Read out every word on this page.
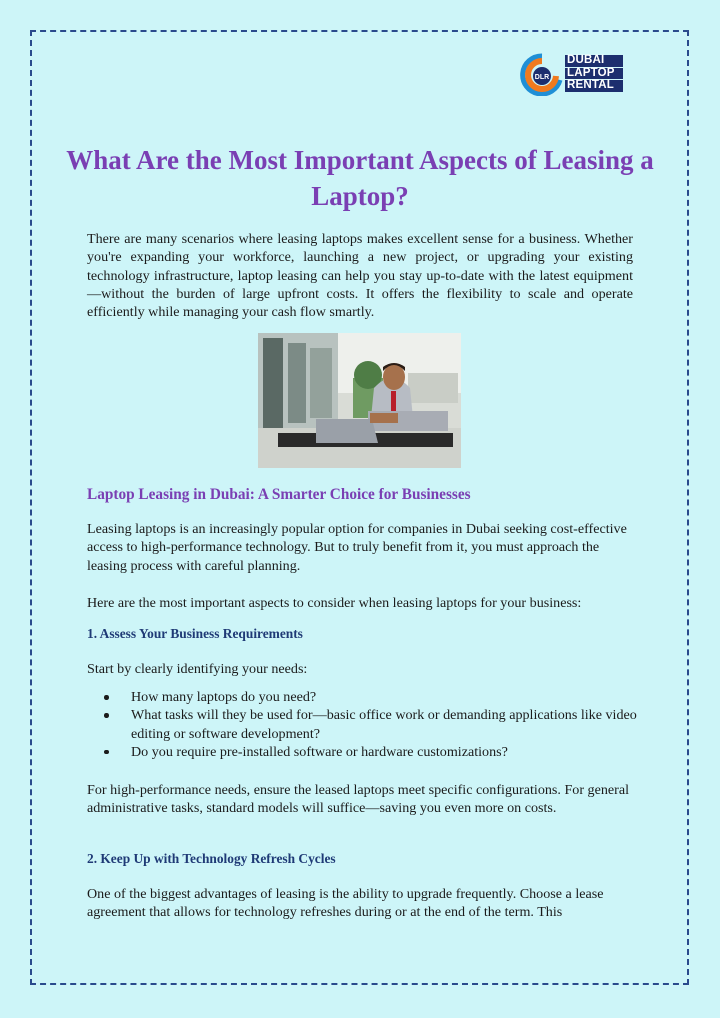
DLR
DUBAI
LAPTOP
RENTAL
What Are the Most Important Aspects of Leasing a Laptop?

There are many scenarios where leasing laptops makes excellent sense for a business. Whether you're expanding your workforce, launching a new project, or upgrading your existing technology infrastructure, laptop leasing can help you stay up-to-date with the latest equipment—without the burden of large upfront costs. It offers the flexibility to scale and operate efficiently while managing your cash flow smartly.

Laptop Leasing in Dubai: A Smarter Choice for Businesses

Leasing laptops is an increasingly popular option for companies in Dubai seeking cost-effective access to high-performance technology. But to truly benefit from it, you must approach the leasing process with careful planning.

Here are the most important aspects to consider when leasing laptops for your business:

1. Assess Your Business Requirements

Start by clearly identifying your needs:

How many laptops do you need?
What tasks will they be used for—basic office work or demanding applications like video editing or software development?
Do you require pre-installed software or hardware customizations?

For high-performance needs, ensure the leased laptops meet specific configurations. For general administrative tasks, standard models will suffice—saving you even more on costs.

2. Keep Up with Technology Refresh Cycles

One of the biggest advantages of leasing is the ability to upgrade frequently. Choose a lease agreement that allows for technology refreshes during or at the end of the term. This
